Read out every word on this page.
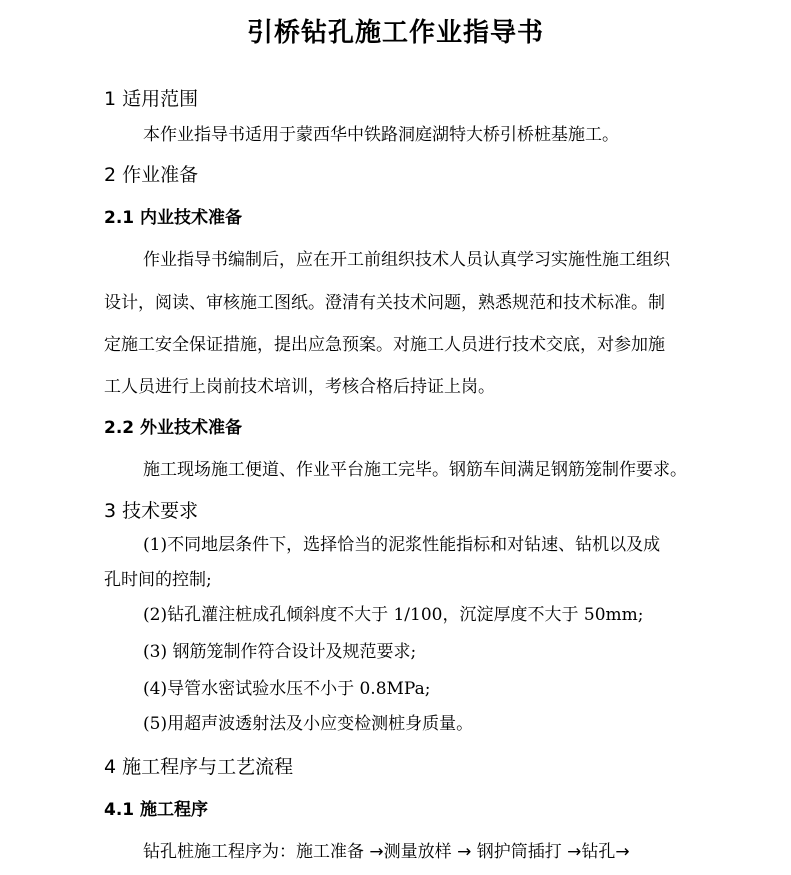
引桥钻孔施工作业指导书
1 适用范围
本作业指导书适用于蒙西华中铁路洞庭湖特大桥引桥桩基施工。
2 作业准备
2.1 内业技术准备
作业指导书编制后，应在开工前组织技术人员认真学习实施性施工组织
设计，阅读、审核施工图纸。澄清有关技术问题，熟悉规范和技术标准。制
定施工安全保证措施，提出应急预案。对施工人员进行技术交底，对参加施
工人员进行上岗前技术培训，考核合格后持证上岗。
2.2 外业技术准备
施工现场施工便道、作业平台施工完毕。钢筋车间满足钢筋笼制作要求。
3 技术要求
(1)不同地层条件下，选择恰当的泥浆性能指标和对钻速、钻机以及成
孔时间的控制;
(2)钻孔灌注桩成孔倾斜度不大于 1/100，沉淀厚度不大于 50mm;
(3) 钢筋笼制作符合设计及规范要求;
(4)导管水密试验水压不小于 0.8MPa;
(5)用超声波透射法及小应变检测桩身质量。
4 施工程序与工艺流程
4.1 施工程序
钻孔桩施工程序为：施工准备 →测量放样 → 钢护筒插打 →钻孔→
